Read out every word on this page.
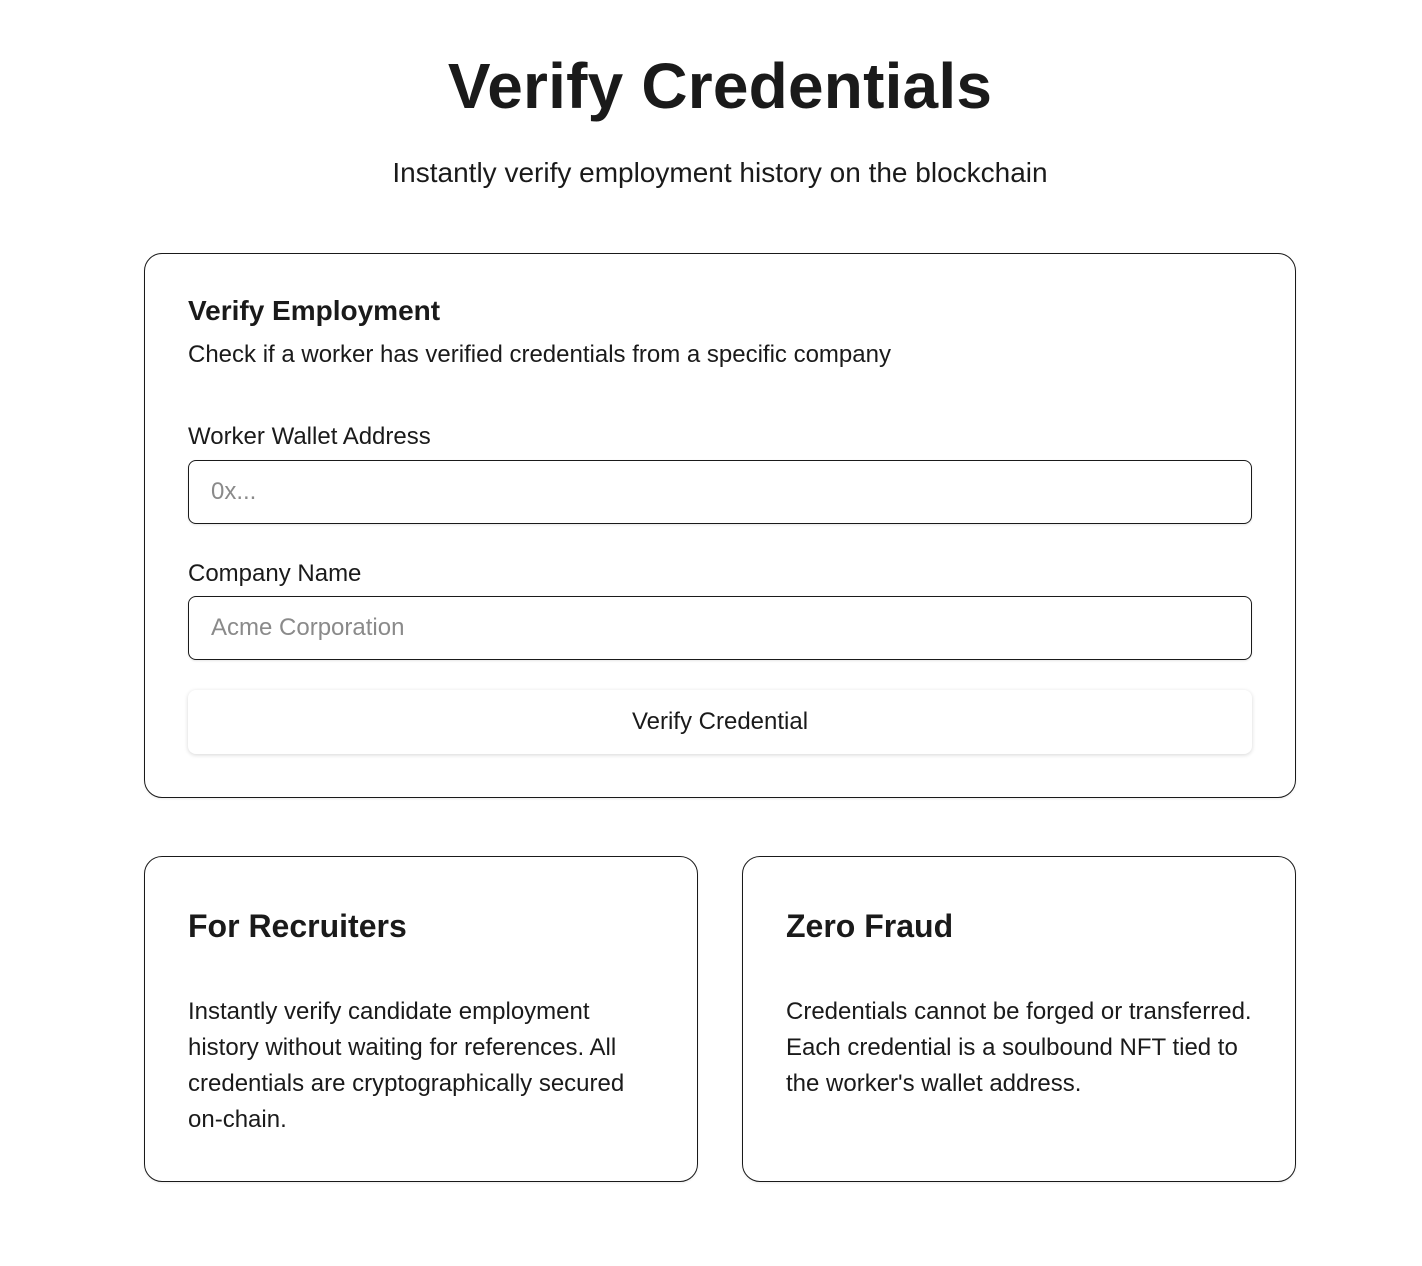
Verify Credentials

Instantly verify employment history on the blockchain

Verify Employment

Check if a worker has verified credentials from a specific company

Worker Wallet Address
0x...
Company Name
Acme Corporation
Verify Credential
For Recruiters

Instantly verify candidate employment history without waiting for references. All credentials are cryptographically secured on-chain.

Zero Fraud

Credentials cannot be forged or transferred. Each credential is a soulbound NFT tied to the worker's wallet address.
